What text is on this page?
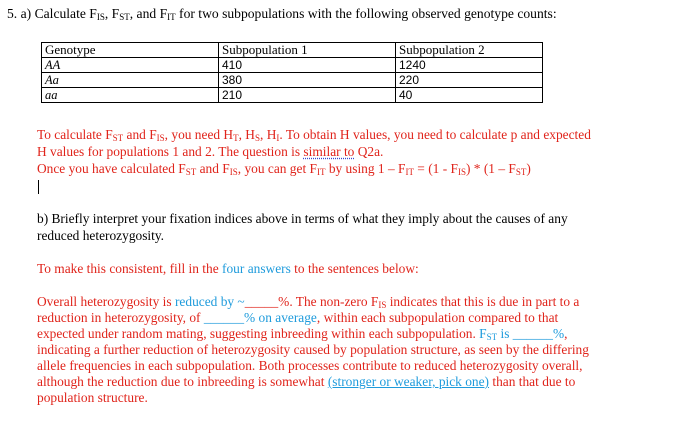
5. a) Calculate $F_{IS}$, $F_{ST}$, and $F_{IT}$ for two subpopulations with the following observed genotype counts:
Genotype	Subpopulation 1	Subpopulation 2
AA	410	1240
Aa	380	220
aa	210	40
To calculate $F_{ST}$ and $F_{IS}$, you need $H_T$, $H_S$, $H_I$. To obtain H values, you need to calculate p and expected
H values for populations 1 and 2. The question is similar to Q2a.
Once you have calculated $F_{ST}$ and $F_{IS}$, you can get $F_{IT}$ by using $1 - F_{IT} = (1 - F_{IS}) * (1 - F_{ST})$
b) Briefly interpret your fixation indices above in terms of what they imply about the causes of any
reduced heterozygosity.
To make this consistent, fill in the four answers to the sentences below:
Overall heterozygosity is reduced by ~_____%. The non-zero $F_{IS}$ indicates that this is due in part to a
reduction in heterozygosity, of ______% on average, within each subpopulation compared to that
expected under random mating, suggesting inbreeding within each subpopulation. $F_{ST}$ is ______%,
indicating a further reduction of heterozygosity caused by population structure, as seen by the differing
allele frequencies in each subpopulation. Both processes contribute to reduced heterozygosity overall,
although the reduction due to inbreeding is somewhat (stronger or weaker, pick one) than that due to
population structure.
